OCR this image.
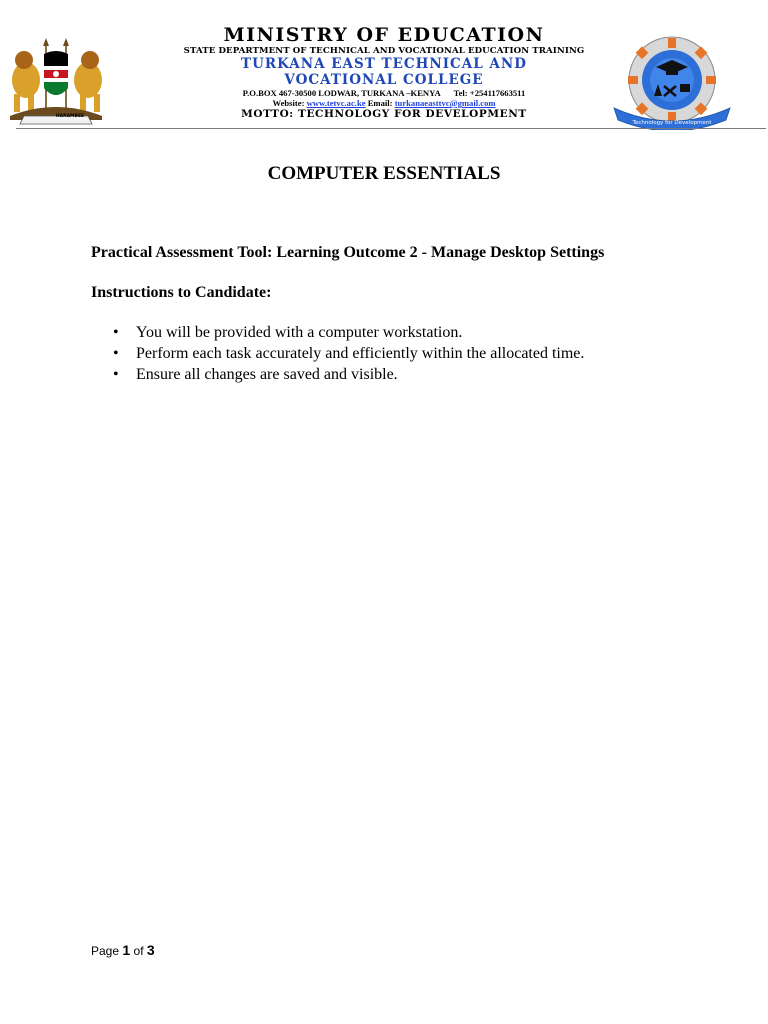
HARAMBEE
Technology for Development
MINISTRY OF EDUCATION
STATE DEPARTMENT OF TECHNICAL AND VOCATIONAL EDUCATION TRAINING
TURKANA EAST TECHNICAL AND
VOCATIONAL COLLEGE
P.O.BOX 467-30500 LODWAR, TURKANA –KENYA Tel: +254117663511
Website: www.tetvc.ac.ke Email: turkanaeasttvc@gmail.com
MOTTO: TECHNOLOGY FOR DEVELOPMENT
COMPUTER ESSENTIALS
Practical Assessment Tool: Learning Outcome 2 - Manage Desktop Settings
Instructions to Candidate:
• You will be provided with a computer workstation.
• Perform each task accurately and efficiently within the allocated time.
• Ensure all changes are saved and visible.
Page 1 of 3
